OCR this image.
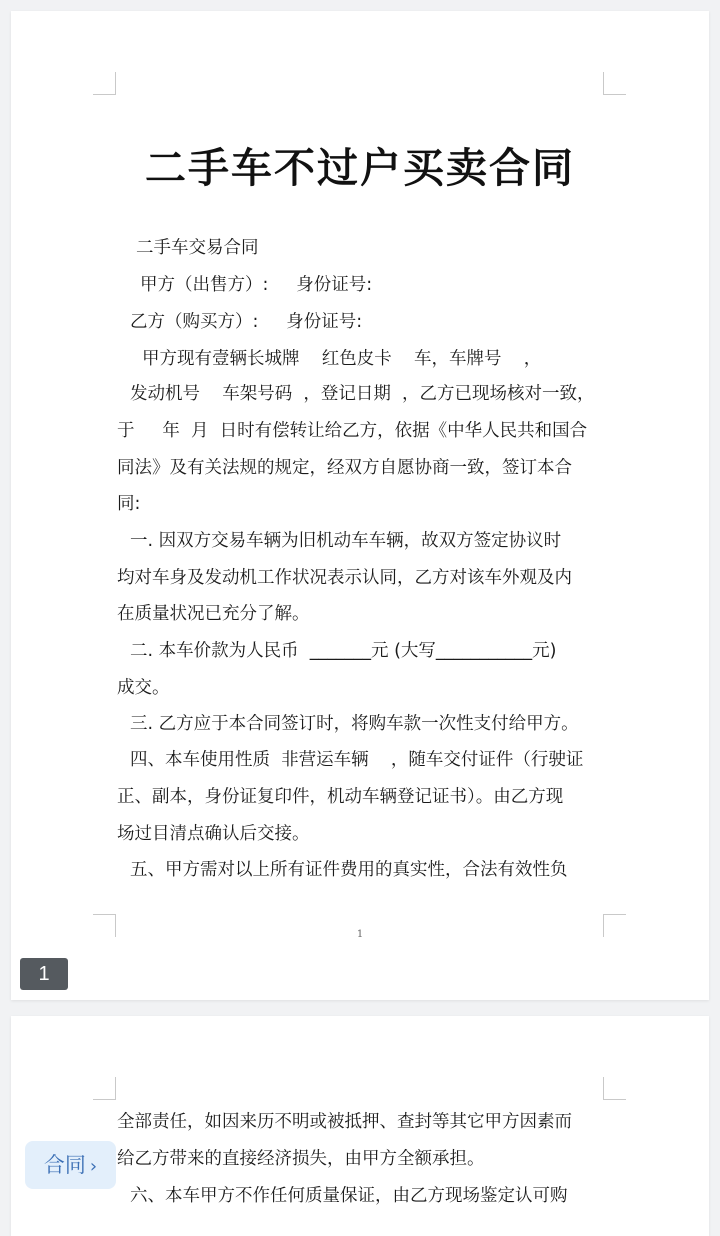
二手车不过户买卖合同

二手车交易合同

甲方（出售方）:     身份证号:

乙方（购买方）:     身份证号:

甲方现有壹辆长城牌    红色皮卡    车，车牌号    ，

发动机号    车架号码  ，登记日期  ，乙方已现场核对一致，

于     年  月  日时有偿转让给乙方，依据《中华人民共和国合

同法》及有关法规的规定，经双方自愿协商一致，签订本合

同:

一. 因双方交易车辆为旧机动车车辆，故双方签定协议时

均对车身及发动机工作状况表示认同，乙方对该车外观及内

在质量状况已充分了解。

二. 本车价款为人民币  _______元 (大写___________元)

成交。

三. 乙方应于本合同签订时，将购车款一次性支付给甲方。

四、本车使用性质  非营运车辆    ，随车交付证件（行驶证

正、副本，身份证复印件，机动车辆登记证书）。由乙方现

场过目清点确认后交接。

五、甲方需对以上所有证件费用的真实性，合法有效性负

1
1

全部责任，如因来历不明或被抵押、查封等其它甲方因素而

给乙方带来的直接经济损失，由甲方全额承担。

六、本车甲方不作任何质量保证，由乙方现场鉴定认可购

合同 ›
